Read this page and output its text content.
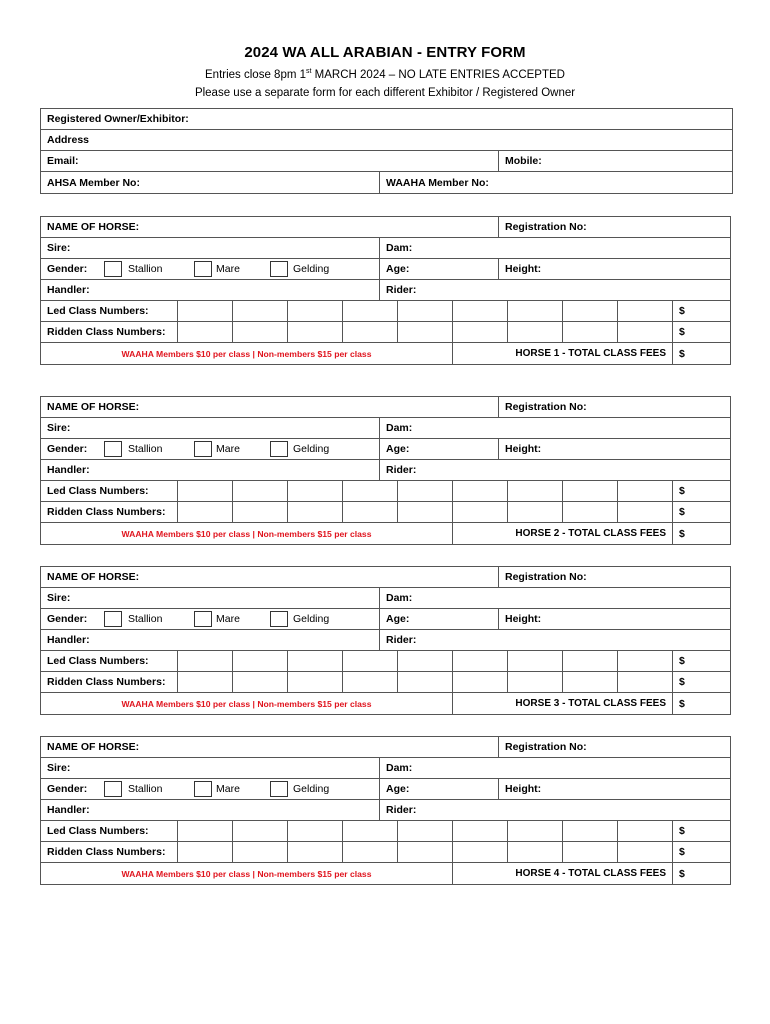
2024 WA ALL ARABIAN - ENTRY FORM
Entries close 8pm 1st MARCH 2024 – NO LATE ENTRIES ACCEPTED
Please use a separate form for each different Exhibitor / Registered Owner
Registered Owner/Exhibitor:
Address
Email:	Mobile:
AHSA Member No:	WAAHA Member No:
NAME OF HORSE:	Registration No:
Sire:	Dam:
Gender:	Stallion	Mare	Gelding	Age:	Height:
Handler:	Rider:
Led Class Numbers:	$
Ridden Class Numbers:	$
WAAHA Members $10 per class | Non-members $15 per class	HORSE 1 - TOTAL CLASS FEES	$
NAME OF HORSE:	Registration No:
Sire:	Dam:
Gender:	Stallion	Mare	Gelding	Age:	Height:
Handler:	Rider:
Led Class Numbers:	$
Ridden Class Numbers:	$
WAAHA Members $10 per class | Non-members $15 per class	HORSE 2 - TOTAL CLASS FEES	$
NAME OF HORSE:	Registration No:
Sire:	Dam:
Gender:	Stallion	Mare	Gelding	Age:	Height:
Handler:	Rider:
Led Class Numbers:	$
Ridden Class Numbers:	$
WAAHA Members $10 per class | Non-members $15 per class	HORSE 3 - TOTAL CLASS FEES	$
NAME OF HORSE:	Registration No:
Sire:	Dam:
Gender:	Stallion	Mare	Gelding	Age:	Height:
Handler:	Rider:
Led Class Numbers:	$
Ridden Class Numbers:	$
WAAHA Members $10 per class | Non-members $15 per class	HORSE 4 - TOTAL CLASS FEES	$
